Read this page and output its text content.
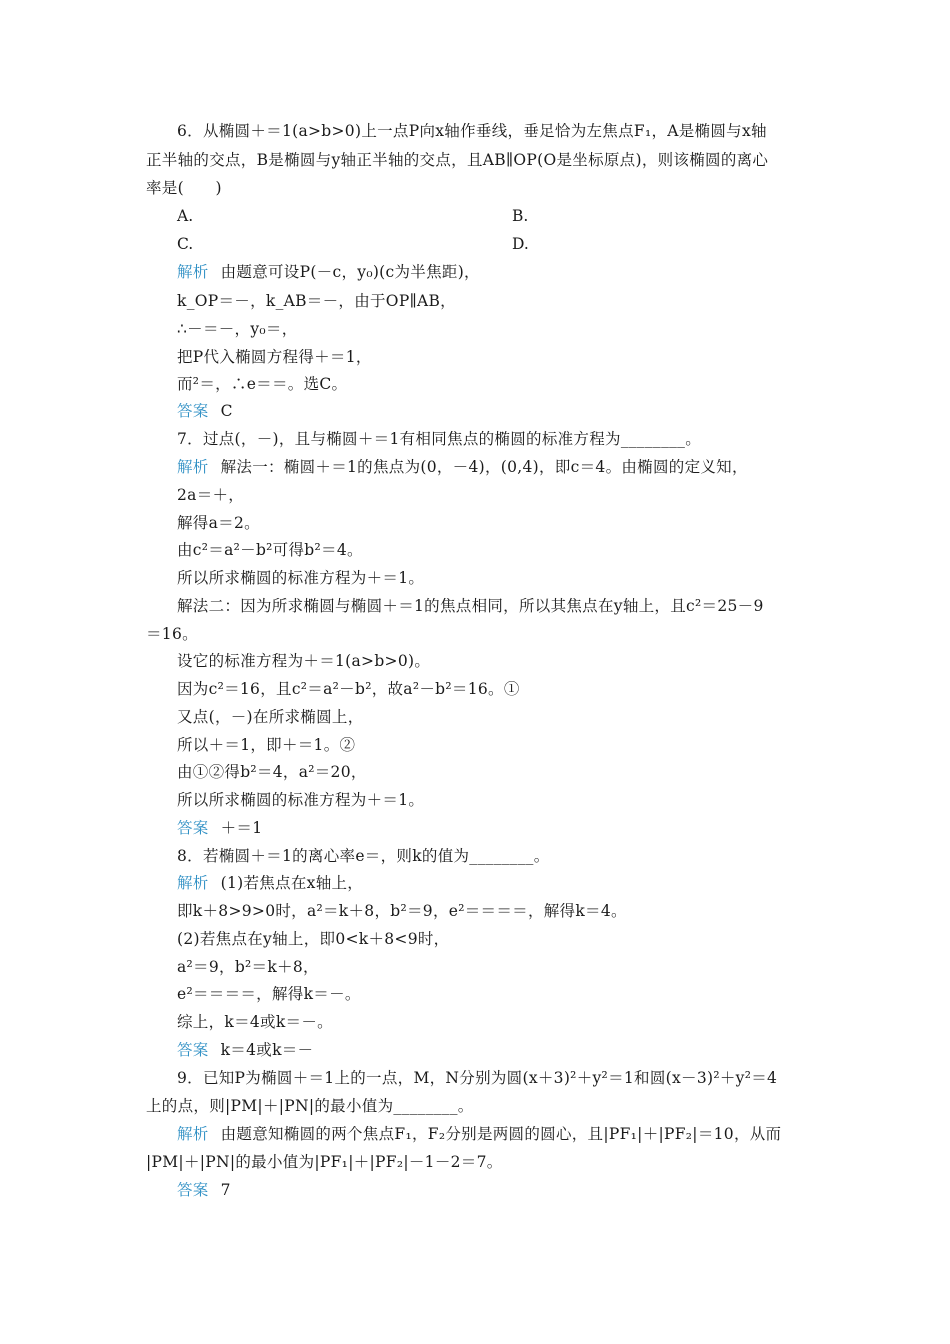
6．从椭圆＋＝1(a>b>0)上一点P向x轴作垂线，垂足恰为左焦点F₁，A是椭圆与x轴
正半轴的交点，B是椭圆与y轴正半轴的交点，且AB∥OP(O是坐标原点)，则该椭圆的离心
率是(　　)
A.	B.
C.	D.
解析 由题意可设P(－c，y₀)(c为半焦距)，
k_OP＝－，k_AB＝－，由于OP∥AB，
∴－＝－，y₀＝，
把P代入椭圆方程得＋＝1，
而²＝，∴e＝＝。选C。
答案 C
7．过点(，－)，且与椭圆＋＝1有相同焦点的椭圆的标准方程为________。
解析 解法一：椭圆＋＝1的焦点为(0，－4)，(0,4)，即c＝4。由椭圆的定义知，
2a＝＋，
解得a＝2。
由c²＝a²－b²可得b²＝4。
所以所求椭圆的标准方程为＋＝1。
解法二：因为所求椭圆与椭圆＋＝1的焦点相同，所以其焦点在y轴上，且c²＝25－9
＝16。
设它的标准方程为＋＝1(a>b>0)。
因为c²＝16，且c²＝a²－b²，故a²－b²＝16。①
又点(，－)在所求椭圆上，
所以＋＝1，即＋＝1。②
由①②得b²＝4，a²＝20，
所以所求椭圆的标准方程为＋＝1。
答案 ＋＝1
8．若椭圆＋＝1的离心率e＝，则k的值为________。
解析 (1)若焦点在x轴上，
即k＋8>9>0时，a²＝k＋8，b²＝9，e²＝＝＝＝，解得k＝4。
(2)若焦点在y轴上，即0<k＋8<9时，
a²＝9，b²＝k＋8，
e²＝＝＝＝，解得k＝－。
综上，k＝4或k＝－。
答案 k＝4或k＝－
9．已知P为椭圆＋＝1上的一点，M，N分别为圆(x＋3)²＋y²＝1和圆(x－3)²＋y²＝4
上的点，则|PM|＋|PN|的最小值为________。
解析 由题意知椭圆的两个焦点F₁，F₂分别是两圆的圆心，且|PF₁|＋|PF₂|＝10，从而
|PM|＋|PN|的最小值为|PF₁|＋|PF₂|－1－2＝7。
答案 7
